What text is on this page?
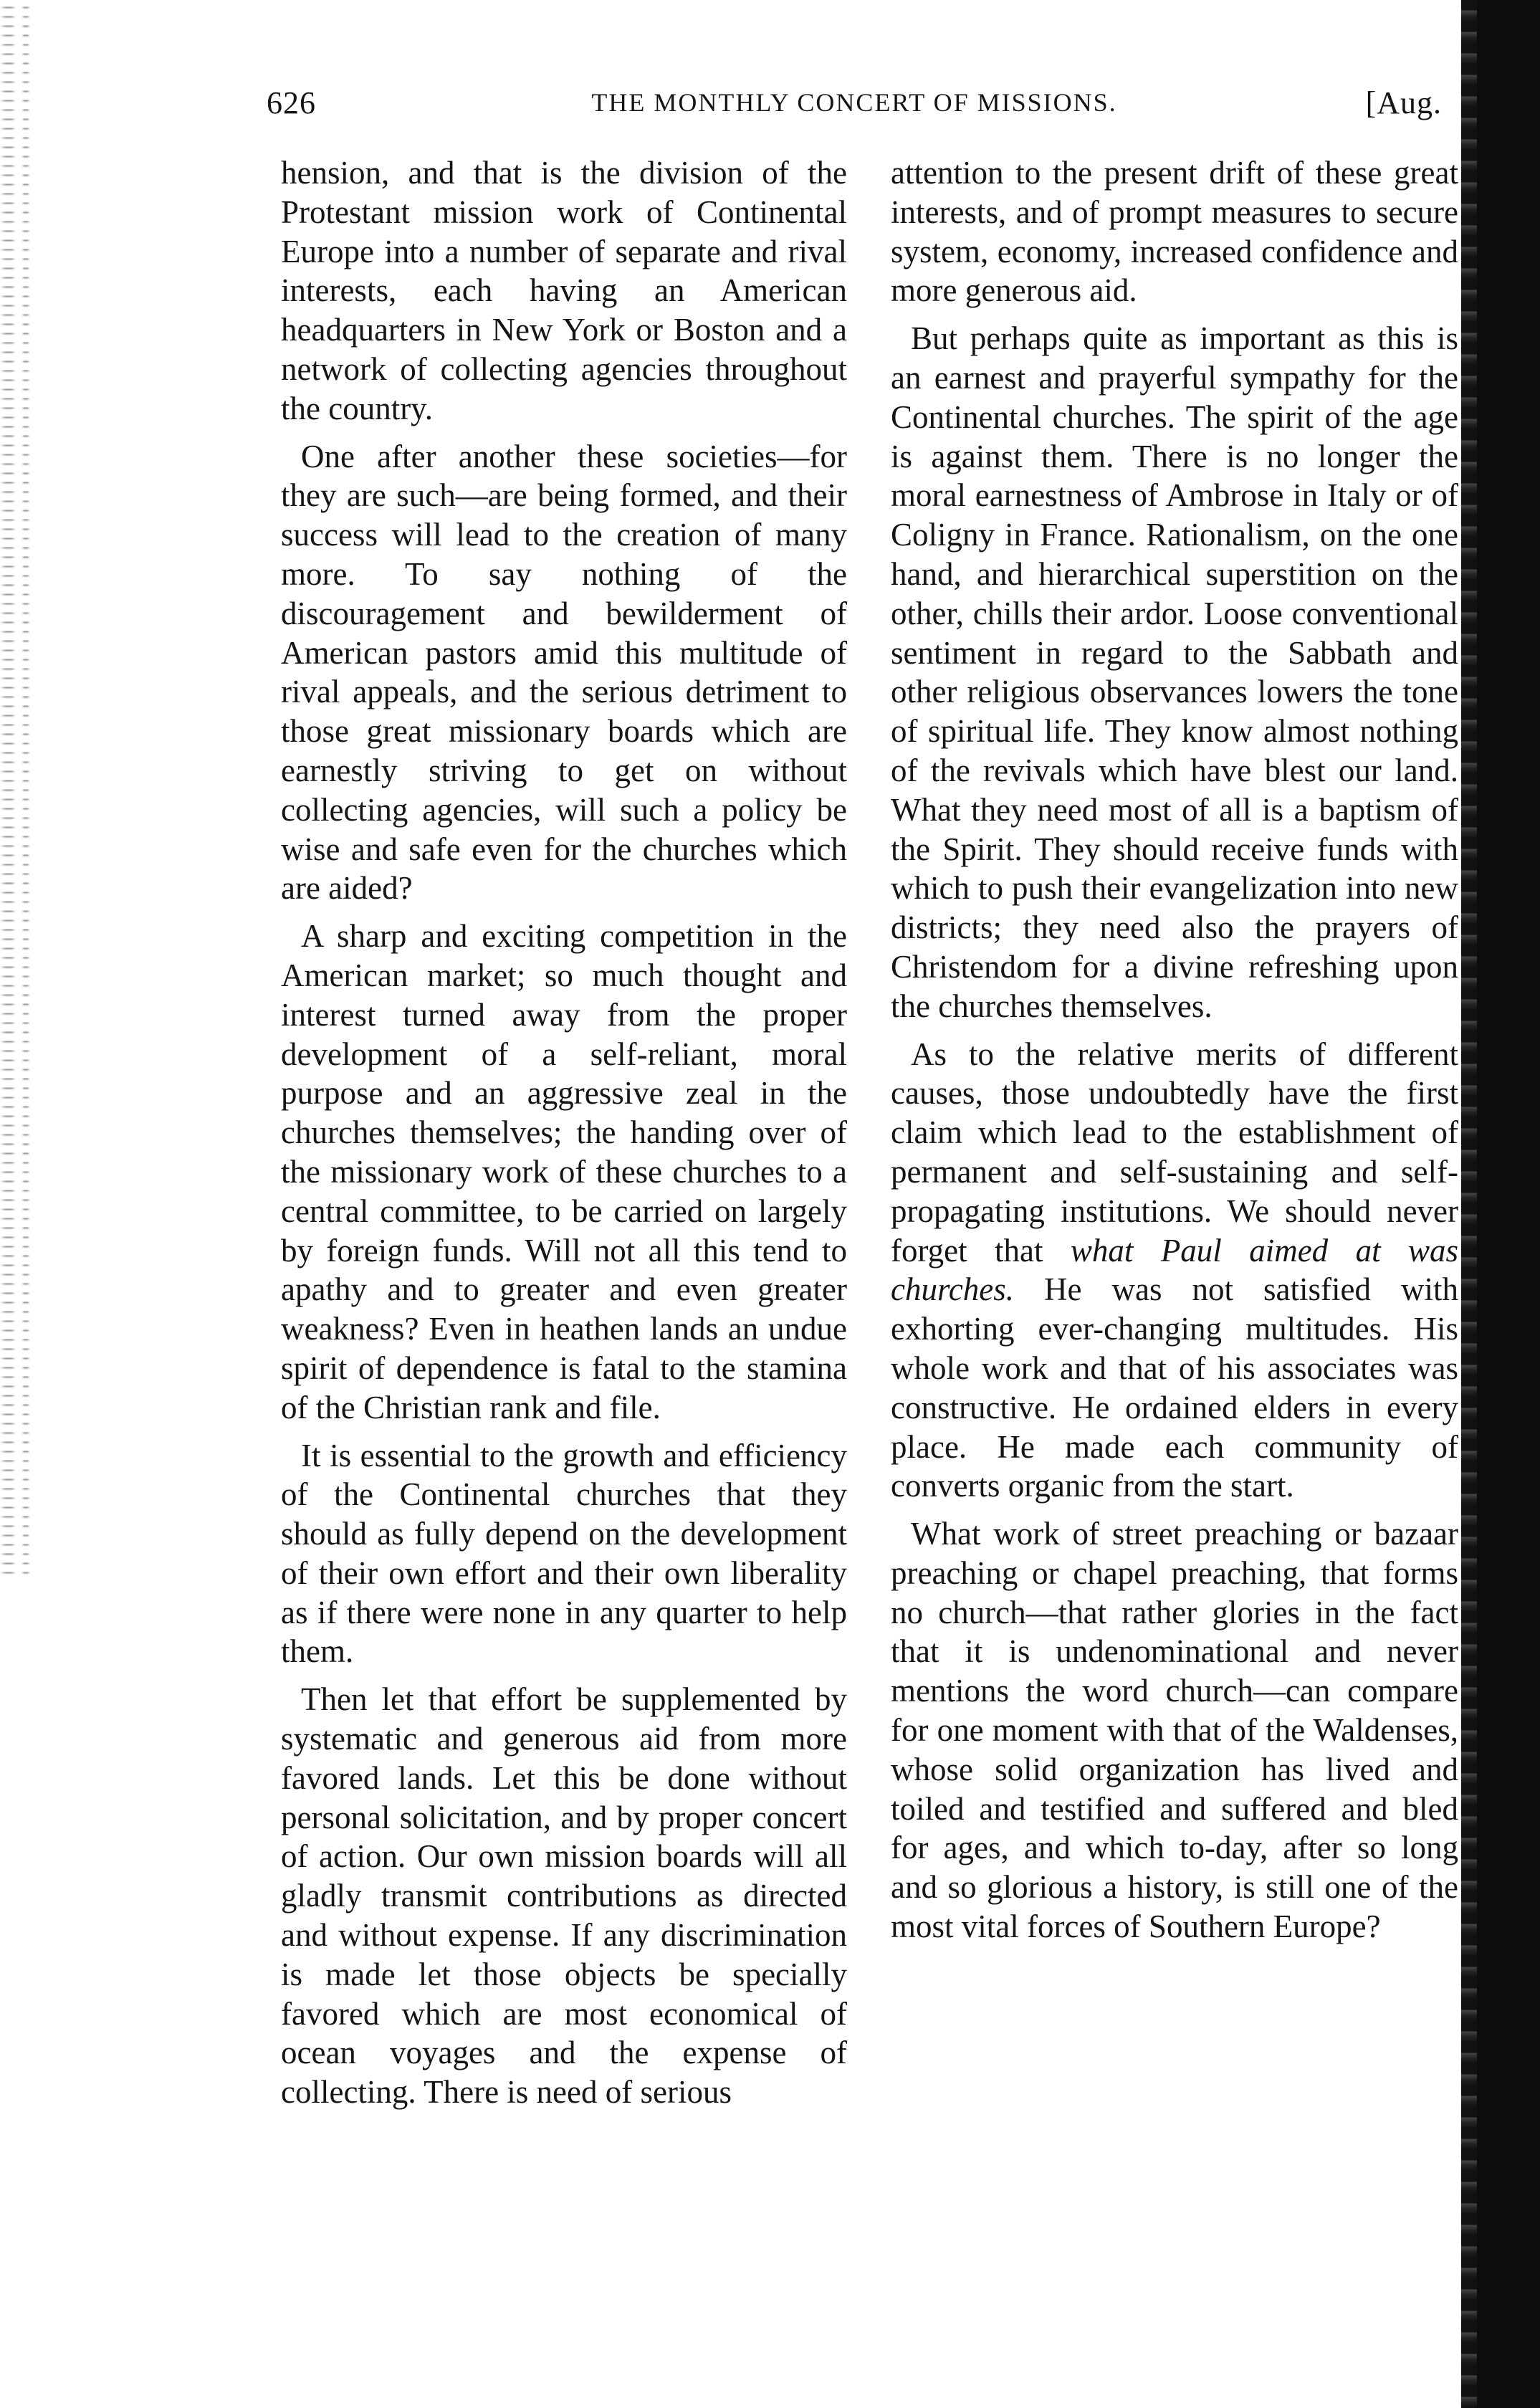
626	THE MONTHLY CONCERT OF MISSIONS.	[Aug.

hension, and that is the division of the Protestant mission work of Continental Europe into a number of separate and rival interests, each having an American headquarters in New York or Boston and a network of collecting agencies throughout the country.

One after another these societies—for they are such—are being formed, and their success will lead to the creation of many more. To say nothing of the discouragement and bewilderment of American pastors amid this multitude of rival appeals, and the serious detriment to those great missionary boards which are earnestly striving to get on without collecting agencies, will such a policy be wise and safe even for the churches which are aided?

A sharp and exciting competition in the American market; so much thought and interest turned away from the proper development of a self-reliant, moral purpose and an aggressive zeal in the churches themselves; the handing over of the missionary work of these churches to a central committee, to be carried on largely by foreign funds. Will not all this tend to apathy and to greater and even greater weakness? Even in heathen lands an undue spirit of dependence is fatal to the stamina of the Christian rank and file.

It is essential to the growth and efficiency of the Continental churches that they should as fully depend on the development of their own effort and their own liberality as if there were none in any quarter to help them.

Then let that effort be supplemented by systematic and generous aid from more favored lands. Let this be done without personal solicitation, and by proper concert of action. Our own mission boards will all gladly transmit contributions as directed and without expense. If any discrimination is made let those objects be specially favored which are most economical of ocean voyages and the expense of collecting. There is need of serious

attention to the present drift of these great interests, and of prompt measures to secure system, economy, increased confidence and more generous aid.

But perhaps quite as important as this is an earnest and prayerful sympathy for the Continental churches. The spirit of the age is against them. There is no longer the moral earnestness of Ambrose in Italy or of Coligny in France. Rationalism, on the one hand, and hierarchical superstition on the other, chills their ardor. Loose conventional sentiment in regard to the Sabbath and other religious observances lowers the tone of spiritual life. They know almost nothing of the revivals which have blest our land. What they need most of all is a baptism of the Spirit. They should receive funds with which to push their evangelization into new districts; they need also the prayers of Christendom for a divine refreshing upon the churches themselves.

As to the relative merits of different causes, those undoubtedly have the first claim which lead to the establishment of permanent and self-sustaining and self-propagating institutions. We should never forget that what Paul aimed at was churches. He was not satisfied with exhorting ever-changing multitudes. His whole work and that of his associates was constructive. He ordained elders in every place. He made each community of converts organic from the start.

What work of street preaching or bazaar preaching or chapel preaching, that forms no church—that rather glories in the fact that it is undenominational and never mentions the word church—can compare for one moment with that of the Waldenses, whose solid organization has lived and toiled and testified and suffered and bled for ages, and which to-day, after so long and so glorious a history, is still one of the most vital forces of Southern Europe?
